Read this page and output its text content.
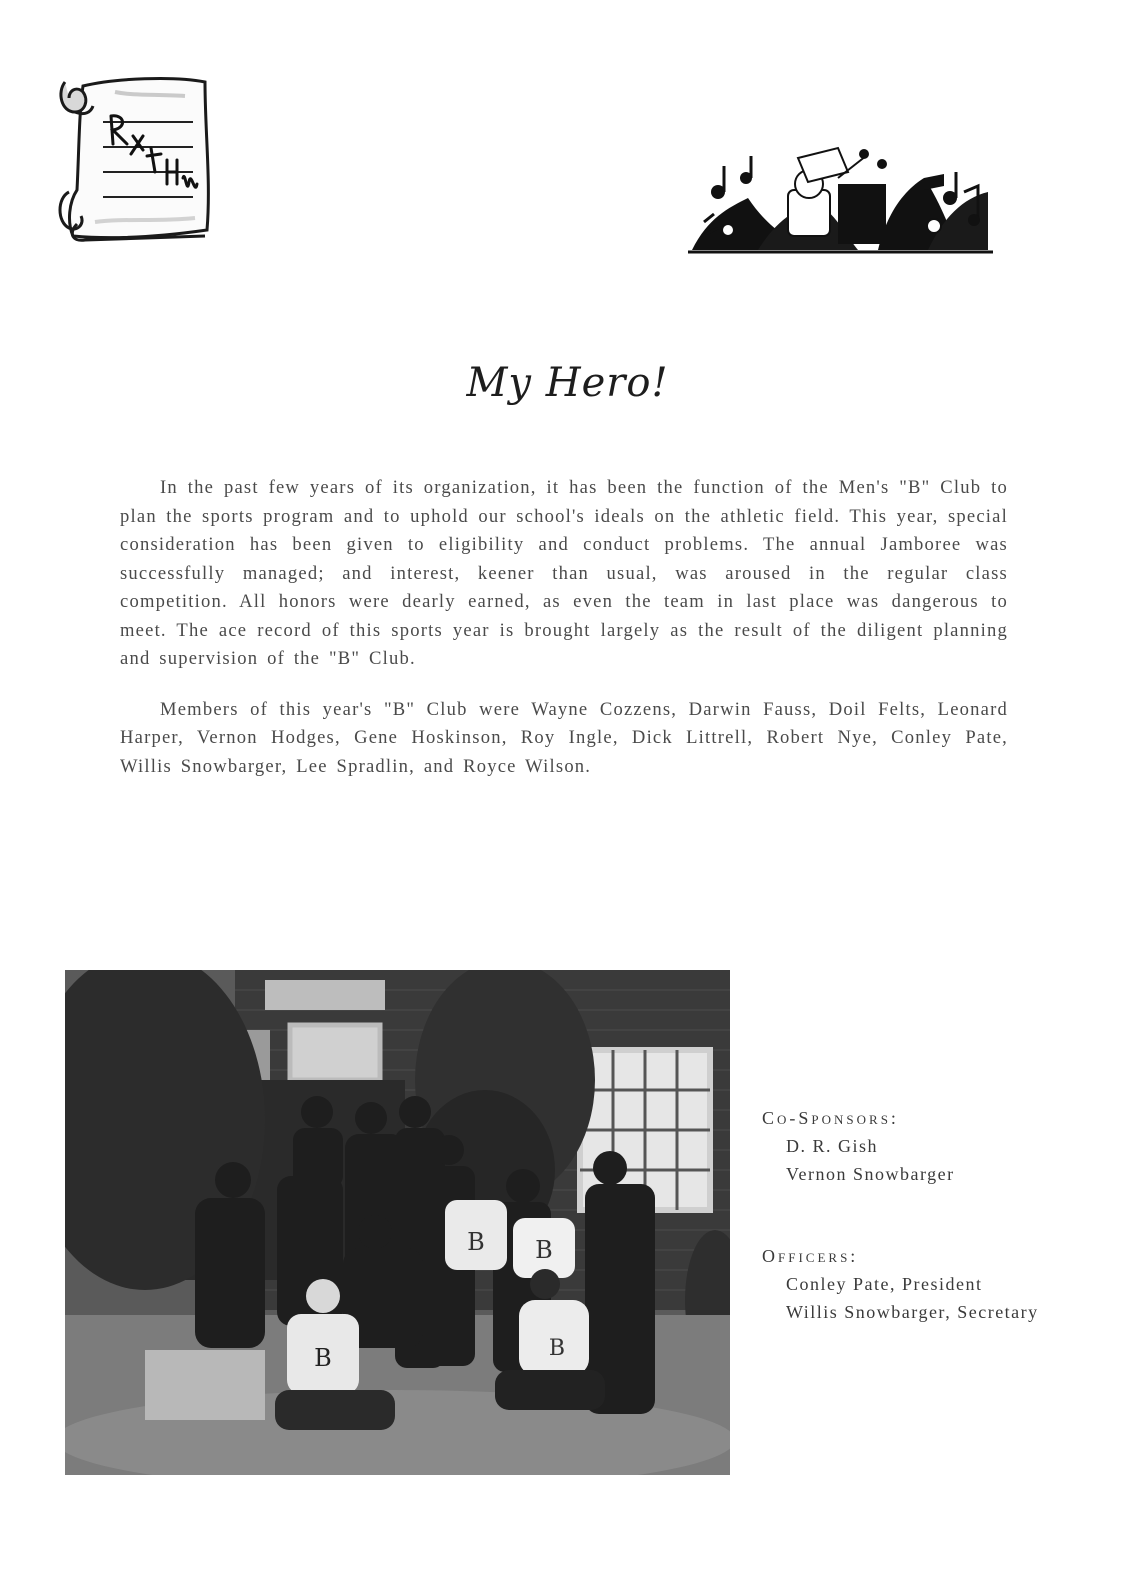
My Hero!

In the past few years of its organization, it has been the function of the Men's "B" Club to plan the sports program and to uphold our school's ideals on the athletic field. This year, special consideration has been given to eligibility and conduct problems. The annual Jamboree was successfully managed; and interest, keener than usual, was aroused in the regular class competition. All honors were dearly earned, as even the team in last place was dangerous to meet. The ace record of this sports year is brought largely as the result of the diligent planning and supervision of the "B" Club.

Members of this year's "B" Club were Wayne Cozzens, Darwin Fauss, Doil Felts, Leonard Harper, Vernon Hodges, Gene Hoskinson, Roy Ingle, Dick Littrell, Robert Nye, Conley Pate, Willis Snowbarger, Lee Spradlin, and Royce Wilson.

B B
B	B
Co-Sponsors:
D. R. Gish
Vernon Snowbarger
Officers:
Conley Pate, President
Willis Snowbarger, Secretary
